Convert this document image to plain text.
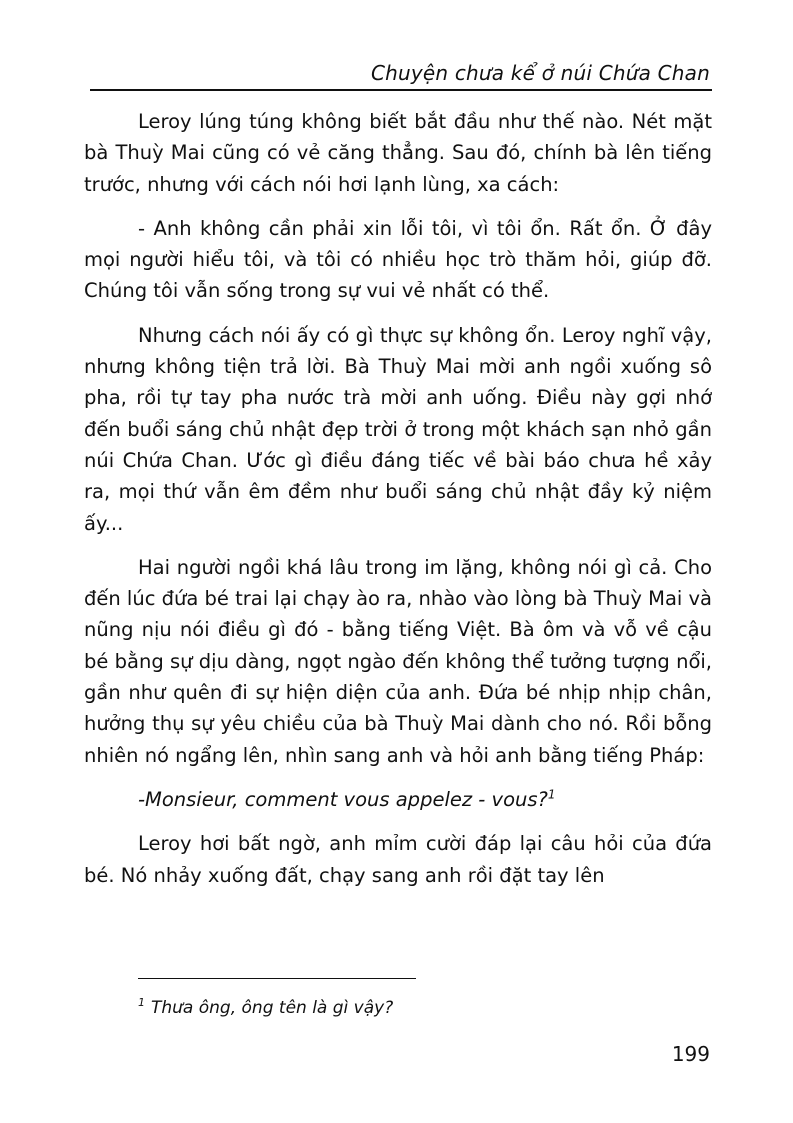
Chuyện chưa kể ở núi Chứa Chan

Leroy lúng túng không biết bắt đầu như thế nào. Nét mặt bà Thuỳ Mai cũng có vẻ căng thẳng. Sau đó, chính bà lên tiếng trước, nhưng với cách nói hơi lạnh lùng, xa cách:

- Anh không cần phải xin lỗi tôi, vì tôi ổn. Rất ổn. Ở đây mọi người hiểu tôi, và tôi có nhiều học trò thăm hỏi, giúp đỡ. Chúng tôi vẫn sống trong sự vui vẻ nhất có thể.

Nhưng cách nói ấy có gì thực sự không ổn. Leroy nghĩ vậy, nhưng không tiện trả lời. Bà Thuỳ Mai mời anh ngồi xuống sô pha, rồi tự tay pha nước trà mời anh uống. Điều này gợi nhớ đến buổi sáng chủ nhật đẹp trời ở trong một khách sạn nhỏ gần núi Chứa Chan. Ước gì điều đáng tiếc về bài báo chưa hề xảy ra, mọi thứ vẫn êm đềm như buổi sáng chủ nhật đầy kỷ niệm ấy...

Hai người ngồi khá lâu trong im lặng, không nói gì cả. Cho đến lúc đứa bé trai lại chạy ào ra, nhào vào lòng bà Thuỳ Mai và nũng nịu nói điều gì đó - bằng tiếng Việt. Bà ôm và vỗ về cậu bé bằng sự dịu dàng, ngọt ngào đến không thể tưởng tượng nổi, gần như quên đi sự hiện diện của anh. Đứa bé nhịp nhịp chân, hưởng thụ sự yêu chiều của bà Thuỳ Mai dành cho nó. Rồi bỗng nhiên nó ngẩng lên, nhìn sang anh và hỏi anh bằng tiếng Pháp:

-Monsieur, comment vous appelez - vous?$^1$

Leroy hơi bất ngờ, anh mỉm cười đáp lại câu hỏi của đứa bé. Nó nhảy xuống đất, chạy sang anh rồi đặt tay lên

$^1$ Thưa ông, ông tên là gì vậy?
199
